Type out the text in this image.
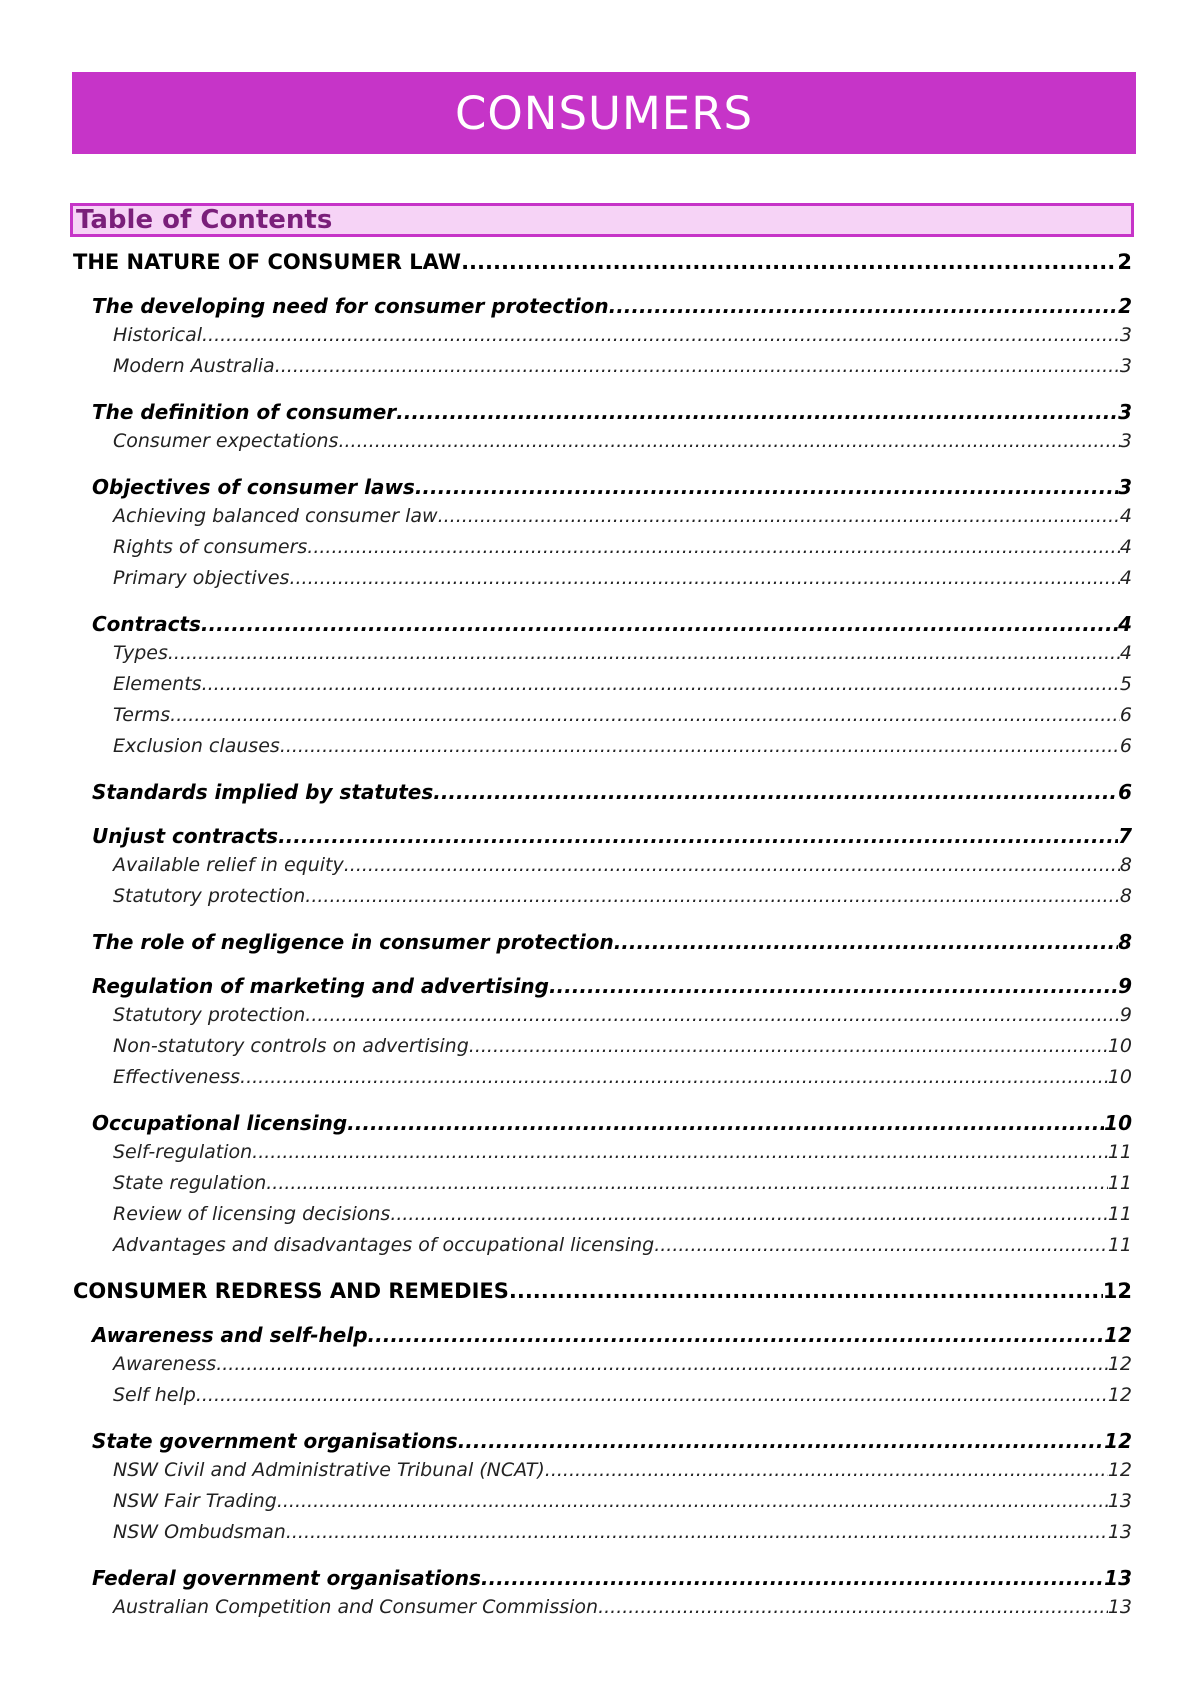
CONSUMERS
Table of Contents
THE NATURE OF CONSUMER LAW .....	2
The developing need for consumer protection .....	2
Historical .....	3
Modern Australia .....	3
The definition of consumer .....	3
Consumer expectations .....	3
Objectives of consumer laws .....	3
Achieving balanced consumer law .....	4
Rights of consumers .....	4
Primary objectives .....	4
Contracts .....	4
Types .....	4
Elements .....	5
Terms .....	6
Exclusion clauses .....	6
Standards implied by statutes .....	6
Unjust contracts .....	7
Available relief in equity .....	8
Statutory protection .....	8
The role of negligence in consumer protection .....	8
Regulation of marketing and advertising .....	9
Statutory protection .....	9
Non-statutory controls on advertising .....	10
Effectiveness .....	10
Occupational licensing .....	10
Self-regulation .....	11
State regulation .....	11
Review of licensing decisions .....	11
Advantages and disadvantages of occupational licensing .....	11
CONSUMER REDRESS AND REMEDIES .....	12
Awareness and self-help .....	12
Awareness .....	12
Self help .....	12
State government organisations .....	12
NSW Civil and Administrative Tribunal (NCAT) .....	12
NSW Fair Trading .....	13
NSW Ombudsman .....	13
Federal government organisations .....	13
Australian Competition and Consumer Commission .....	13
